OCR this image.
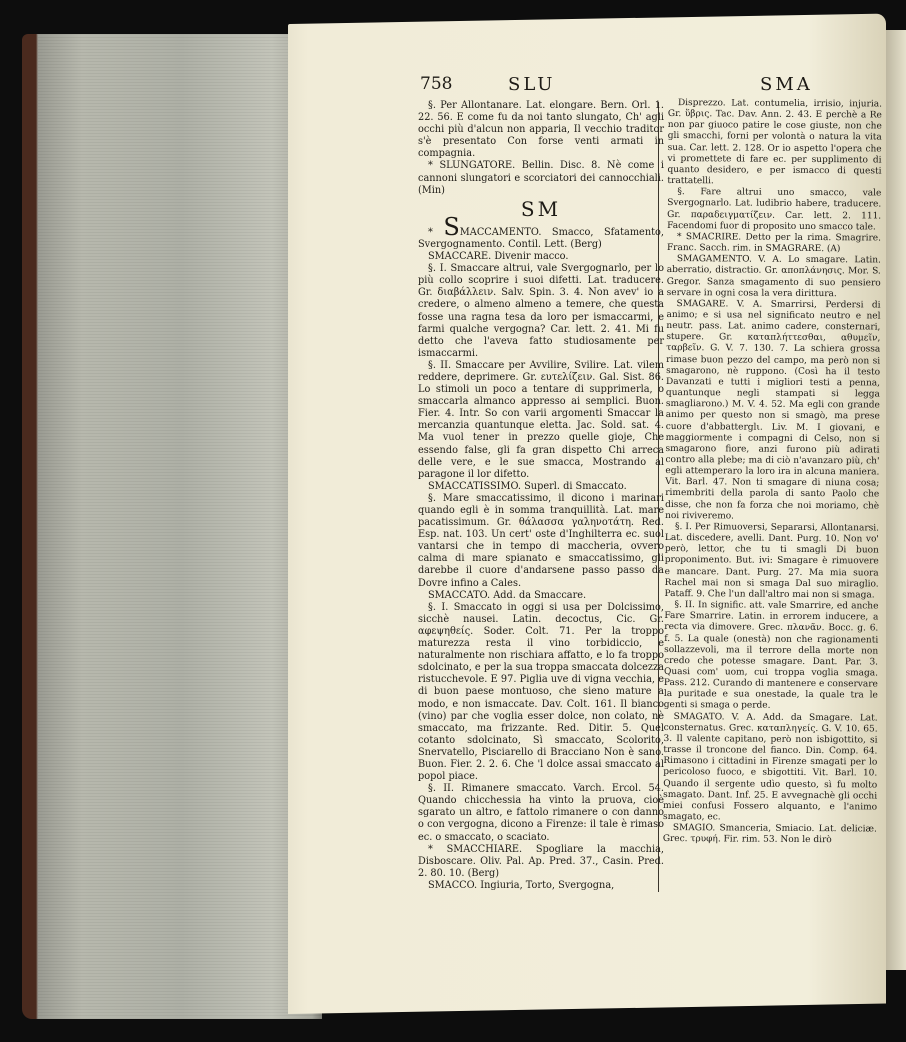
758	SLU	SMA

§. Per Allontanare. Lat. elongare. Bern. Orl. 1. 22. 56. E come fu da noi tanto slungato, Ch' agli occhi più d'alcun non apparia, Il vecchio traditor s'è presentato Con forse venti armati in compagnia.

* SLUNGATORE. Bellin. Disc. 8. Nè come i cannoni slungatori e scorciatori dei cannocchiali. (Min)

SM

* SMACCAMENTO. Smacco, Sfatamento, Svergognamento. Contil. Lett. (Berg)

SMACCARE. Divenir macco.

§. I. Smaccare altrui, vale Svergognarlo, per lo più collo scoprire i suoi difetti. Lat. traducere. Gr. διαβάλλειν. Salv. Spin. 3. 4. Non avev' io a credere, o almeno almeno a temere, che questa fosse una ragna tesa da loro per ismaccarmi, e farmi qualche vergogna? Car. lett. 2. 41. Mi fu detto che l'aveva fatto studiosamente per ismaccarmi.

§. II. Smaccare per Avvilire, Svilire. Lat. vilem reddere, deprimere. Gr. ευτελίζειν. Gal. Sist. 86. Lo stimoli un poco a tentare di supprimerla, o smaccarla almanco appresso ai semplici. Buon. Fier. 4. Intr. So con varii argomenti Smaccar la mercanzia quantunque eletta. Jac. Sold. sat. 4. Ma vuol tener in prezzo quelle gioje, Che essendo false, gli fa gran dispetto Chi arreca delle vere, e le sue smacca, Mostrando al paragone il lor difetto.

SMACCATISSIMO. Superl. di Smaccato.

§. Mare smaccatissimo, il dicono i marinari quando egli è in somma tranquillità. Lat. mare pacatissimum. Gr. θάλασσα γαληνοτάτη. Red. Esp. nat. 103. Un cert' oste d'Inghilterra ec. suol vantarsi che in tempo di maccheria, ovvero calma di mare spianato e smaccatissimo, gli darebbe il cuore d'andarsene passo passo da Dovre infino a Cales.

SMACCATO. Add. da Smaccare.

§. I. Smaccato in oggi si usa per Dolcissimo, sicchè nausei. Latin. decoctus, Cic. Gr. αφεψηθείς. Soder. Colt. 71. Per la troppo maturezza resta il vino torbidiccio, e naturalmente non rischiara affatto, e lo fa troppo sdolcinato, e per la sua troppa smaccata dolcezza ristucchevole. E 97. Piglia uve di vigna vecchia, e di buon paese montuoso, che sieno mature a modo, e non ismaccate. Dav. Colt. 161. Il bianco (vino) par che voglia esser dolce, non colato, nè smaccato, ma frizzante. Red. Ditir. 5. Quel cotanto sdolcinato, Sì smaccato, Scolorito, Snervatello, Pisciarello di Bracciano Non è sano. Buon. Fier. 2. 2. 6. Che 'l dolce assai smaccato al popol piace.

§. II. Rimanere smaccato. Varch. Ercol. 54. Quando chicchessia ha vinto la pruova, cioè sgarato un altro, e fattolo rimanere o con danno o con vergogna, dicono a Firenze: il tale è rimaso ec. o smaccato, o scaciato.

* SMACCHIARE. Spogliare la macchia, Disboscare. Oliv. Pal. Ap. Pred. 37., Casin. Pred. 2. 80. 10. (Berg)

SMACCO. Ingiuria, Torto, Svergogna,

Disprezzo. Lat. contumelia, irrisio, injuria. Gr. ὕβρις. Tac. Dav. Ann. 2. 43. E perchè a Re non par giuoco patire le cose giuste, non che gli smacchi, forni per volontà o natura la vita sua. Car. lett. 2. 128. Or io aspetto l'opera che vi promettete di fare ec. per supplimento di quanto desidero, e per ismacco di questi trattatelli.

§. Fare altrui uno smacco, vale Svergognarlo. Lat. ludibrio habere, traducere. Gr. παραδειγματίζειν. Car. lett. 2. 111. Facendomi fuor di proposito uno smacco tale.

* SMACRIRE. Detto per la rima. Smagrire. Franc. Sacch. rim. in SMAGRARE. (A)

SMAGAMENTO. V. A. Lo smagare. Latin. aberratio, distractio. Gr. αποπλάνησις. Mor. S. Gregor. Sanza smagamento di suo pensiero servare in ogni cosa la vera dirittura.

SMAGARE. V. A. Smarrirsi, Perdersi di animo; e si usa nel significato neutro e nel neutr. pass. Lat. animo cadere, consternari, stupere. Gr. καταπλήττεσθαι, αθυμεῖν, ταρβεῖν. G. V. 7. 130. 7. La schiera grossa rimase buon pezzo del campo, ma però non si smagarono, nè rupponο. (Così ha il testo Davanzati e tutti i migliori testi a penna, quantunque negli stampati si legga smagliarono.) M. V. 4. 52. Ma egli con grande animo per questo non si smagò, ma prese cuore d'abbatterglι. Liv. M. I giovani, e maggiormente i compagni di Celso, non si smagarono fiore, anzi furono più adirati contro alla plebe; ma di ciò n'avanzaro più, ch' egli attemperaro la loro ira in alcuna maniera. Vit. Barl. 47. Non ti smagare di niuna cosa; rimembriti della parola di santo Paolo che disse, che non fa forza che noi moriamo, chè noi riviveremo.

§. I. Per Rimuoversi, Separarsi, Allontanarsi. Lat. discedere, avelli. Dant. Purg. 10. Non vo' però, lettor, che tu ti smagli Di buon proponimento. But. ivi: Smagare è rimuovere e mancare. Dant. Purg. 27. Ma mia suora Rachel mai non si smaga Dal suo miraglio. Pataff. 9. Che l'un dall'altro mai non si smaga.

§. II. In signific. att. vale Smarrire, ed anche Fare Smarrire. Latin. in errorem inducere, a recta via dimovere. Grec. πλανᾶν. Bocc. g. 6. f. 5. La quale (onestà) non che ragionamenti sollazzevoli, ma il terrore della morte non credo che potesse smagare. Dant. Par. 3. Quasi com' uom, cui troppa voglia smaga. Pass. 212. Curando di mantenere e conservare la puritade e sua onestade, la quale tra le genti si smaga o perde.

SMAGATO. V. A. Add. da Smagare. Lat. consternatus. Grec. καταπληγείς. G. V. 10. 65. 3. Il valente capitano, però non isbigottito, si trasse il troncone del fianco. Din. Comp. 64. Rimasono i cittadini in Firenze smagati per lo pericoloso fuoco, e sbigottiti. Vit. Barl. 10. Quando il sergente udìo questo, sì fu molto smagato. Dant. Inf. 25. E avvegnachè gli occhi miei confusi Fossero alquanto, e l'animo smagato, ec.

SMAGIO. Smanceria, Smiacio. Lat. deliciæ. Grec. τρυφή. Fir. rim. 53. Non le dirò
